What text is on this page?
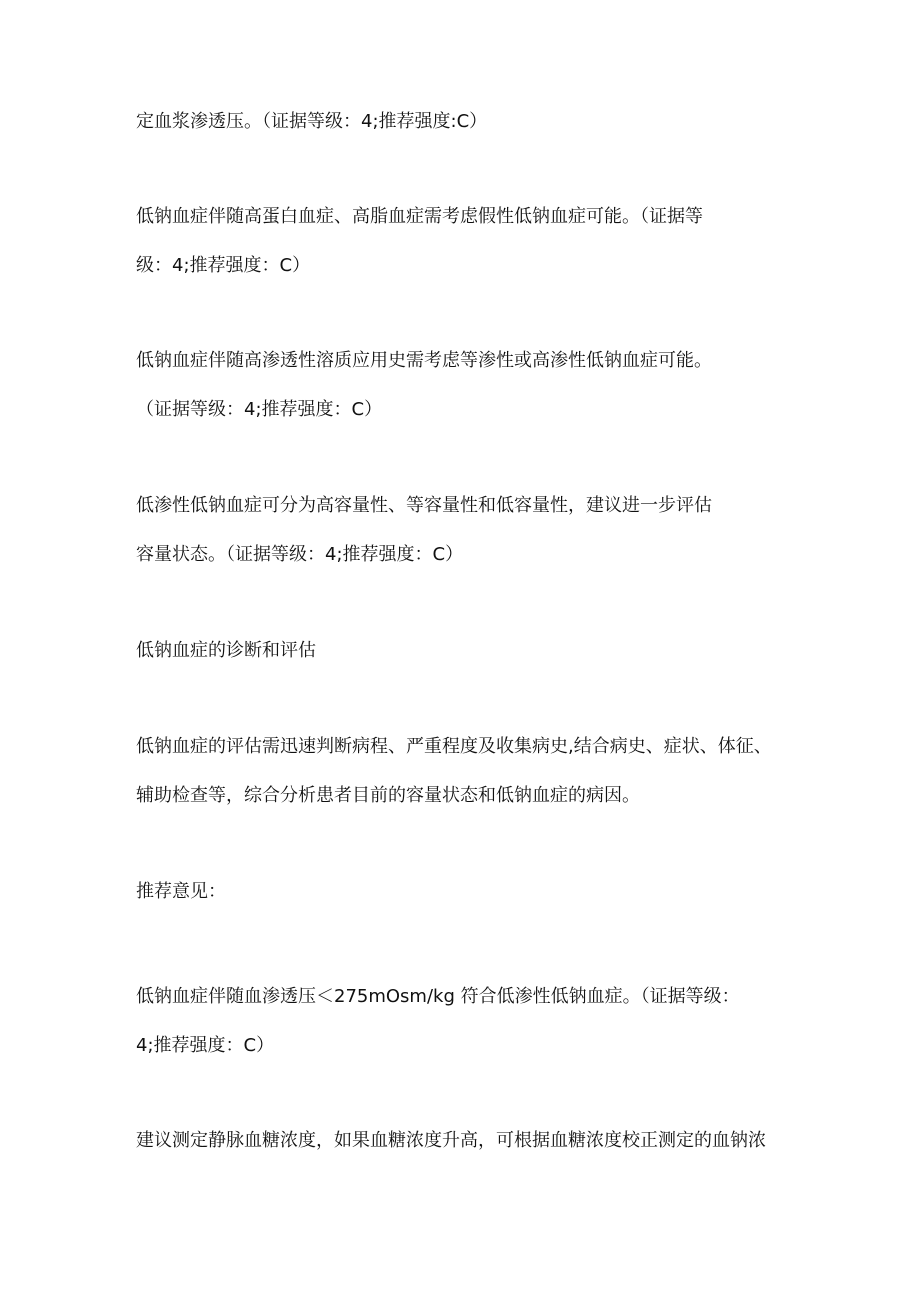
定血浆渗透压。（证据等级：4;推荐强度:C）
低钠血症伴随高蛋白血症、高脂血症需考虑假性低钠血症可能。（证据等
级：4;推荐强度：C）
低钠血症伴随高渗透性溶质应用史需考虑等渗性或高渗性低钠血症可能。
（证据等级：4;推荐强度：C）
低渗性低钠血症可分为高容量性、等容量性和低容量性，建议进一步评估
容量状态。（证据等级：4;推荐强度：C）
低钠血症的诊断和评估
低钠血症的评估需迅速判断病程、严重程度及收集病史,结合病史、症状、体征、
辅助检查等，综合分析患者目前的容量状态和低钠血症的病因。
推荐意见：
低钠血症伴随血渗透压＜275mOsm/kg 符合低渗性低钠血症。（证据等级：
4;推荐强度：C）
建议测定静脉血糖浓度，如果血糖浓度升高，可根据血糖浓度校正测定的血钠浓
